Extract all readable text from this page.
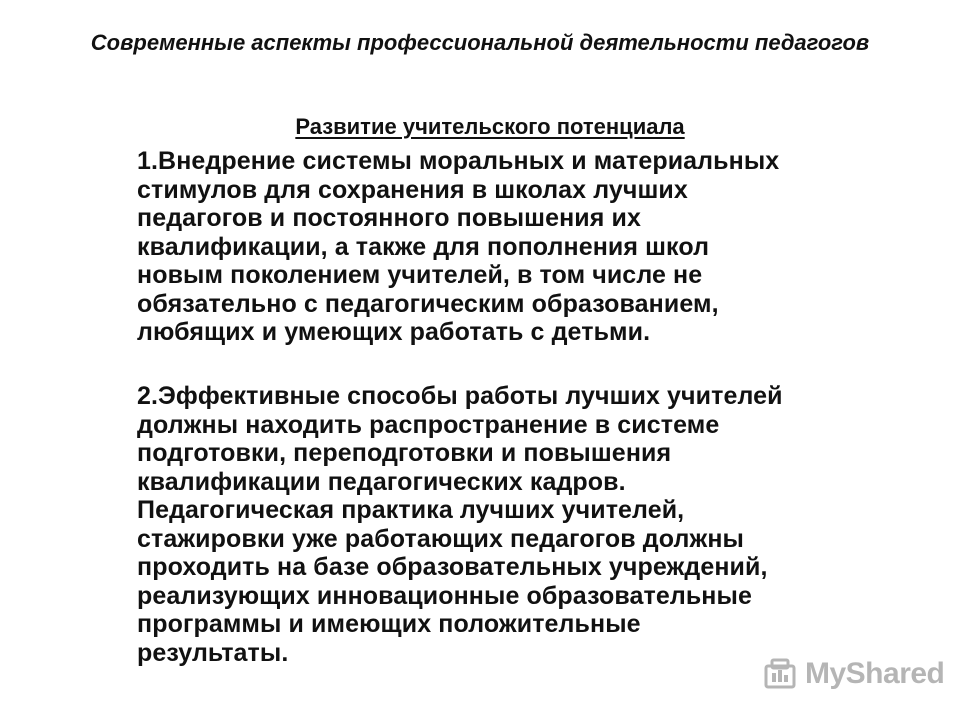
Современные аспекты профессиональной деятельности педагогов
Развитие учительского потенциала
1.Внедрение системы моральных и материальных
стимулов для сохранения в школах лучших
педагогов и постоянного повышения их
квалификации, а также для пополнения школ
новым поколением учителей, в том числе не
обязательно с педагогическим образованием,
любящих и умеющих работать с детьми.
2.Эффективные способы работы лучших учителей
должны находить распространение в системе
подготовки, переподготовки и повышения
квалификации педагогических кадров.
Педагогическая практика лучших учителей,
стажировки уже работающих педагогов должны
проходить на базе образовательных учреждений,
реализующих инновационные образовательные
программы и имеющих положительные
результаты.
MyShared
